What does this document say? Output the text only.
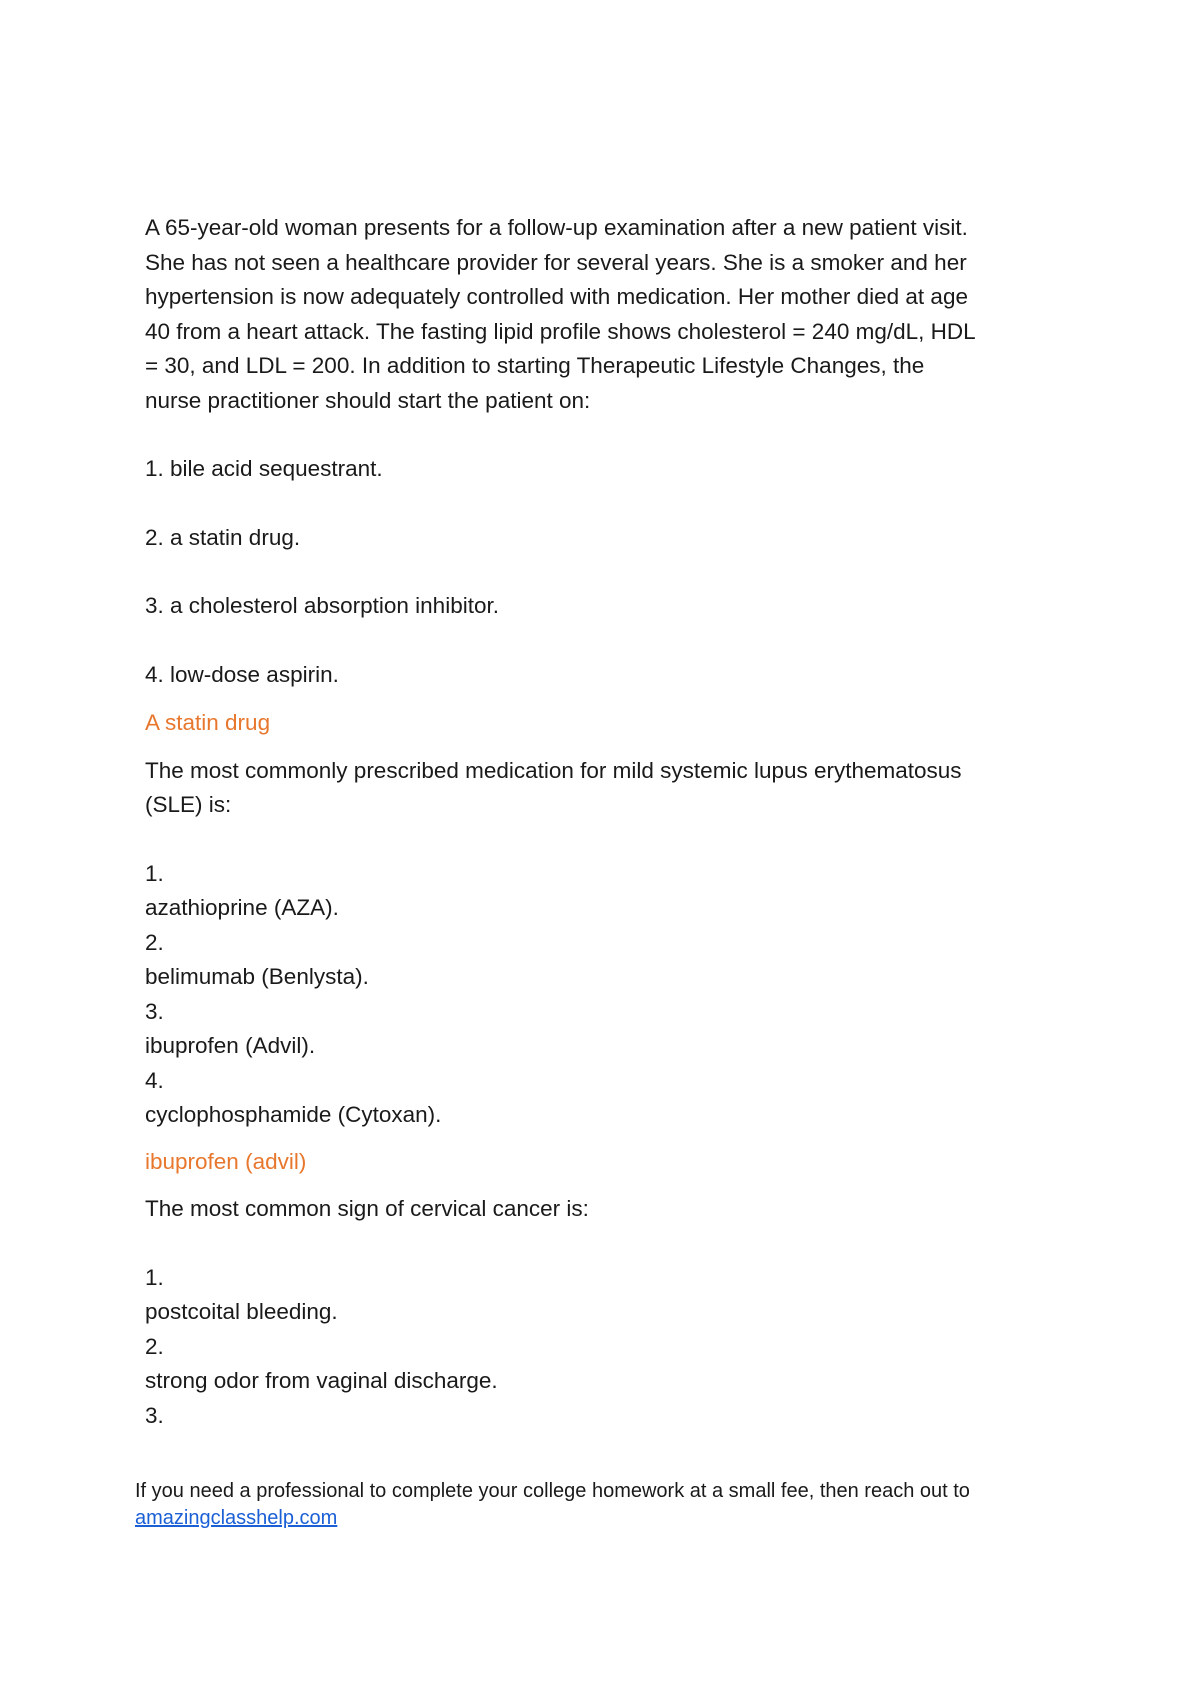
A 65-year-old woman presents for a follow-up examination after a new patient visit. She has not seen a healthcare provider for several years. She is a smoker and her hypertension is now adequately controlled with medication. Her mother died at age 40 from a heart attack. The fasting lipid profile shows cholesterol = 240 mg/dL, HDL = 30, and LDL = 200. In addition to starting Therapeutic Lifestyle Changes, the nurse practitioner should start the patient on:

1. bile acid sequestrant.

2. a statin drug.

3. a cholesterol absorption inhibitor.

4. low-dose aspirin.

A statin drug

The most commonly prescribed medication for mild systemic lupus erythematosus (SLE) is:

1.

azathioprine (AZA).

2.

belimumab (Benlysta).

3.

ibuprofen (Advil).

4.

cyclophosphamide (Cytoxan).

ibuprofen (advil)

The most common sign of cervical cancer is:

1.

postcoital bleeding.

2.

strong odor from vaginal discharge.

3.

If you need a professional to complete your college homework at a small fee, then reach out to
amazingclasshelp.com
